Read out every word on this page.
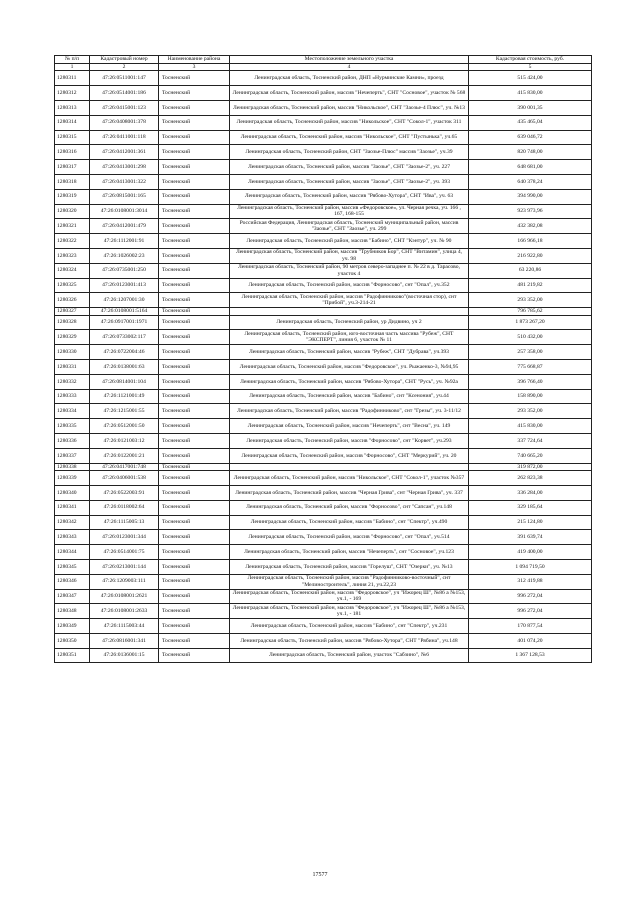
№ п/п	Кадастровый номер	Наименование района	Местоположение земельного участка	Кадастровая стоимость, руб.
1	2	3	4	5
1280311	47:26:0511001:147	Тосненский	Ленинградская область, Тосненский район, ДНП «Нурминские Камни», проезд	515 424,00
1280312	47:26:0514001:186	Тосненский	Ленинградская область, Тосненский район, массив "Нечеперть", СНТ "Сосновое", участок № 568	415 830,00
1280313	47:26:0415001:123	Тосненский	Ленинградская область, Тосненский район, массив "Никольское", СНТ "Заозье-4 Плюс", уч. №13	390 001,35
1280314	47:26:0408001:378	Тосненский	Ленинградская область, Тосненский район, массив "Никольское", СНТ "Сокол-1", участок 311	435 465,04
1280315	47:26:0411001:118	Тосненский	Ленинградская область, Тосненский район, массив "Никольское", СНТ "Пустынька", уч.65	639 046,72
1280316	47:26:0412001:361	Тосненский	Ленинградская область, Тосненский район, СНТ "Заозье-Плюс" массив "Заозье", уч.39	820 748,00
1280317	47:26:0413001:298	Тосненский	Ленинградская область, Тосненский район, массив "Заозье", СНТ "Заозье-2", уч. 227	648 681,00
1280318	47:26:0413001:322	Тосненский	Ленинградская область, Тосненский район, массив "Заозье", СНТ "Заозье-2", уч. 393	640 378,24
1280319	47:26:0815001:165	Тосненский	Ленинградская область, Тосненский район, массив "Рябово-Хутора", СНТ "Ива", уч. 63	394 990,00
1280320	47:26:0108001:3014	Тосненский	Ленинградская область, Тосненский район, массив «Федоровское», ул. Черная речка, уч. 166 , 167, 168-155	923 973,96
1280321	47:26:0412001:479	Тосненский	Российская Федерация, Ленинградская область, Тосненский муниципальный район, массив "Заозье", СНТ "Заозье", уч. 299	432 382,08
1280322	47:26:1112001:91	Тосненский	Ленинградская область, Тосненский район, массив "Бабино", СНТ "Кэнтур", уч. № 90	166 966,18
1280323	47:26:1026002:23	Тосненский	Ленинградская область, Тосненский район, массив "Трубников Бор", СНТ "Витамин", улица 4, уч. 98	216 922,80
1280324	47:26:0735001:250	Тосненский	Ленинградская область, Тосненский район, 90 метров северо-западнее п. № 22 в д. Тарасово, участок 4	63 220,86
1280325	47:26:0123001:413	Тосненский	Ленинградская область, Тосненский район, массив "Форносово", снт "Опал", уч.352	481 219,82
1280326	47:26:1207001:30	Тосненский	Ленинградская область, Тосненский район, массив "Радофинниково"(восточная стор), снт "Прибой", уч.3-214-21	293 352,00
1280327	47:26:0108001:5164	Тосненский		796 785,62
1280328	47:26:0917001:1971	Тосненский	Ленинградская область, Тосненский район, ур Дидвино, уч 2	1 873 267,20
1280329	47:26:0733002:117	Тосненский	Ленинградская область, Тосненский район, юго-восточная часть массива "Рубеж", СНТ "ЭКСПЕРТ", линия 6, участок № 11	510 432,00
1280330	47:26:0722004:46	Тосненский	Ленинградская область, Тосненский район, массив "Рубеж", СНТ "Дубрава", уч.393	257 358,00
1280331	47:26:0138001:63	Тосненский	Ленинградская область, Тосненский район, массив "Федоровское", уч. Рыжаенко-3, №94,95	775 668,87
1280332	47:26:0814001:104	Тосненский	Ленинградская область, Тосненский район, массив "Рябово-Хутора", СНТ "Русь", уч. №92а	396 766,40
1280333	47:26:1121001:49	Тосненский	Ленинградская область, Тосненский район, массив "Бабино", снт "Ксенония", уч.44	158 890,00
1280334	47:26:1215001:55	Тосненский	Ленинградская область, Тосненский район, массив "Радофинниково", снт "Грезы", уч. 3-11/12	293 352,00
1280335	47:26:0512001:50	Тосненский	Ленинградская область, Тосненский район, массив "Нечеперть", снт "Весна", уч. 149	415 830,00
1280336	47:26:0121003:12	Тосненский	Ленинградская область, Тосненский район, массив "Форносово", снт "Корвет", уч.293	337 724,64
1280337	47:26:0122001:21	Тосненский	Ленинградская область, Тосненский район, массив "Форносово", СНТ "Меркурий", уч. 20	740 665,20
1280338	47:26:0417001:748	Тосненский		319 872,00
1280339	47:26:0406001:538	Тосненский	Ленинградская область, Тосненский район, массив "Никольское", СНТ "Сокол-1", участок №357	262 823,38
1280340	47:26:0522003:91	Тосненский	Ленинградская область, Тосненский район, массив "Черная Грива", снт "Черная Грива", уч. 337	336 284,00
1280341	47:26:0118002:64	Тосненский	Ленинградская область, Тосненский район, массив "Форносово", снт "Сапсан", уч.148	329 185,64
1280342	47:26:1115005:13	Тосненский	Ленинградская область, Тосненский район, массив "Бабино", снт "Спектр", уч.490	215 124,80
1280343	47:26:0123001:344	Тосненский	Ленинградская область, Тосненский район, массив "Форносово", снт "Опал", уч.514	391 639,74
1280344	47:26:0514001:75	Тосненский	Ленинградская область, Тосненский район, массив "Нечеперть", снт "Сосновое", уч.123	419 400,00
1280345	47:26:0213001:144	Тосненский	Ленинградская область, Тосненский район, массив "Горелуш", СНТ "Озерки", уч. №13	1 094 719,50
1280346	47:26:1209003:111	Тосненский	Ленинградская область, Тосненский район, массив "Радофинниково-восточный", снт "Мелиностроитель", линия 21, уч.22,23	312 419,88
1280347	47:26:0108001:2621	Тосненский	Ленинградская область, Тосненский район, массив "Федоровское", уч "Ижорец Ш", №86 а №153, уч.1, - 169	996 272,04
1280348	47:26:0108001:2633	Тосненский	Ленинградская область, Тосненский район, массив "Федоровское", уч "Ижорец Ш", №86 а №153, уч.1, - 181	996 272,04
1280349	47:26:1115003:44	Тосненский	Ленинградская область, Тосненский район, массив "Бабино", снт "Спектр", уч.231	170 877,54
1280350	47:26:0816001:341	Тосненский	Ленинградская область, Тосненский район, массив "Рябово-Хутора", СНТ "Рябина", уч.148	401 074,20
1280351	47:26:0136001:15	Тосненский	Ленинградская область, Тосненский район, участок "Сабзино", №6	1 367 128,53
17577
